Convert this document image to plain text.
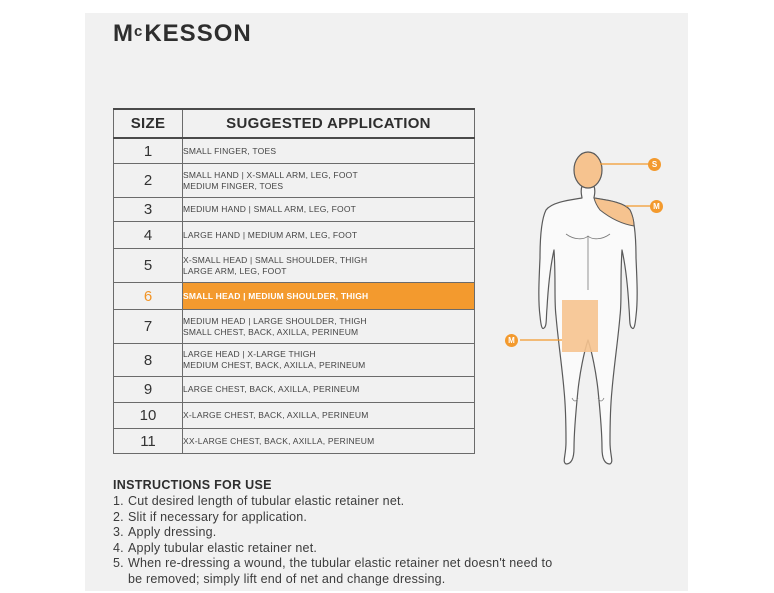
M c KESSON
SIZE	SUGGESTED APPLICATION
1	SMALL FINGER, TOES

2	SMALL HAND | X-SMALL ARM, LEG, FOOT
MEDIUM FINGER, TOES

3	MEDIUM HAND | SMALL ARM, LEG, FOOT

4	LARGE HAND | MEDIUM ARM, LEG, FOOT

5	X-SMALL HEAD | SMALL SHOULDER, THIGH
LARGE ARM, LEG, FOOT

6	SMALL HEAD | MEDIUM SHOULDER, THIGH

7	MEDIUM HEAD | LARGE SHOULDER, THIGH
SMALL CHEST, BACK, AXILLA, PERINEUM

8	LARGE HEAD | X-LARGE THIGH
MEDIUM CHEST, BACK, AXILLA, PERINEUM

9	LARGE CHEST, BACK, AXILLA, PERINEUM

10	X-LARGE CHEST, BACK, AXILLA, PERINEUM

11	XX-LARGE CHEST, BACK, AXILLA, PERINEUM
S
M
M
INSTRUCTIONS FOR USE
1. Cut desired length of tubular elastic retainer net.
2. Slit if necessary for application.
3. Apply dressing.
4. Apply tubular elastic retainer net.
5. When re-dressing a wound, the tubular elastic retainer net doesn't need to be removed; simply lift end of net and change dressing.
